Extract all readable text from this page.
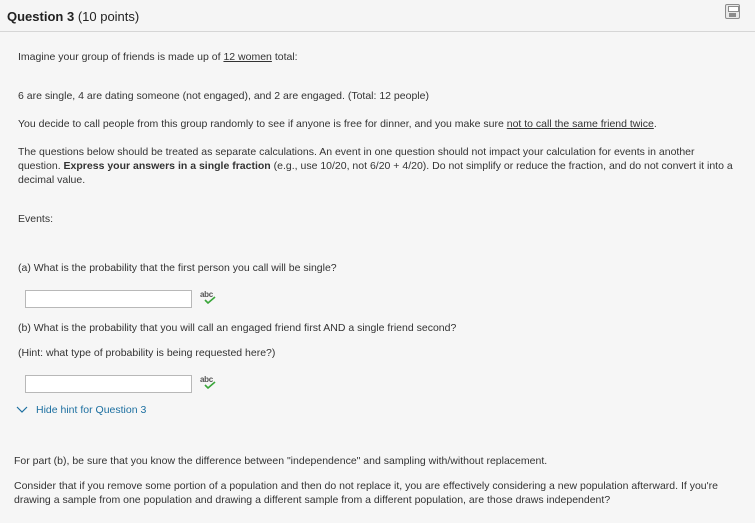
Question 3 (10 points)
Imagine your group of friends is made up of 12 women total:
6 are single, 4 are dating someone (not engaged), and 2 are engaged. (Total: 12 people)
You decide to call people from this group randomly to see if anyone is free for dinner, and you make sure not to call the same friend twice.
The questions below should be treated as separate calculations. An event in one question should not impact your calculation for events in another question. Express your answers in a single fraction (e.g., use 10/20, not 6/20 + 4/20). Do not simplify or reduce the fraction, and do not convert it into a decimal value.
Events:
(a) What is the probability that the first person you call will be single?
abc
(b) What is the probability that you will call an engaged friend first AND a single friend second?
(Hint: what type of probability is being requested here?)
abc
Hide hint for Question 3
For part (b), be sure that you know the difference between "independence" and sampling with/without replacement.
Consider that if you remove some portion of a population and then do not replace it, you are effectively considering a new population afterward. If you're drawing a sample from one population and drawing a different sample from a different population, are those draws independent?
